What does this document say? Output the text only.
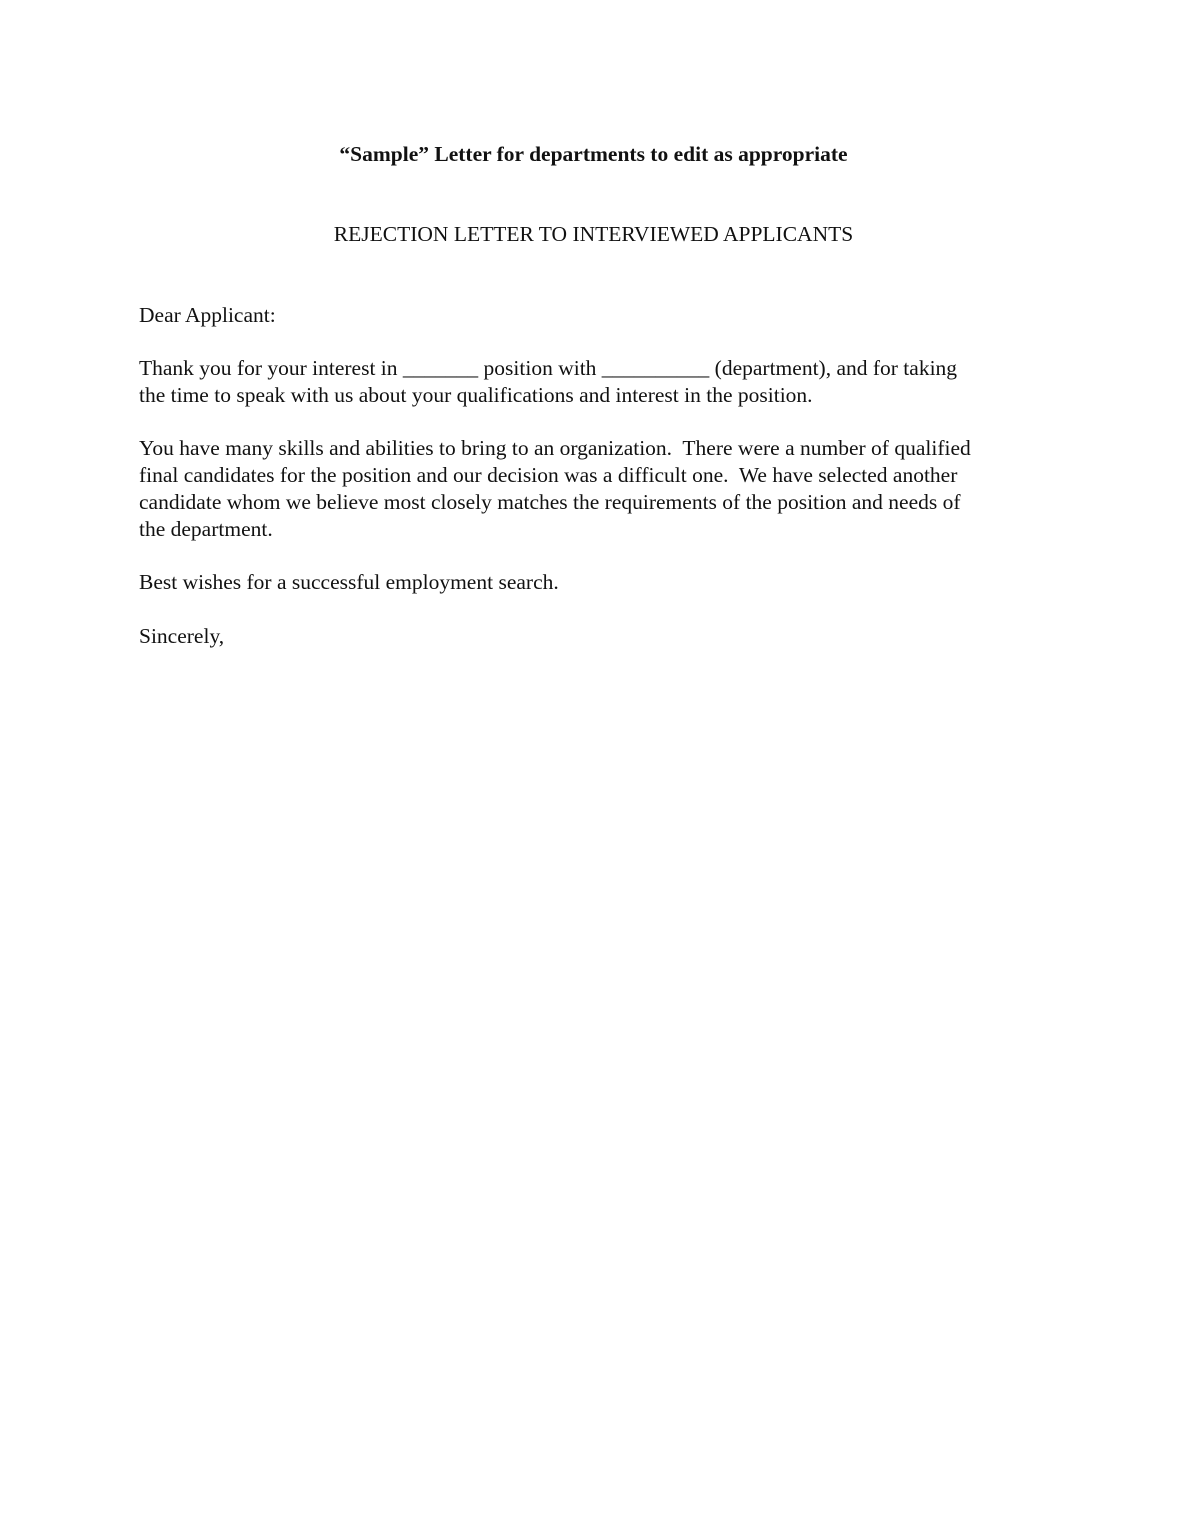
“Sample” Letter for departments to edit as appropriate
REJECTION LETTER TO INTERVIEWED APPLICANTS
Dear Applicant:
Thank you for your interest in _______ position with __________ (department), and for taking
the time to speak with us about your qualifications and interest in the position.
You have many skills and abilities to bring to an organization.  There were a number of qualified
final candidates for the position and our decision was a difficult one.  We have selected another
candidate whom we believe most closely matches the requirements of the position and needs of
the department.
Best wishes for a successful employment search.
Sincerely,
